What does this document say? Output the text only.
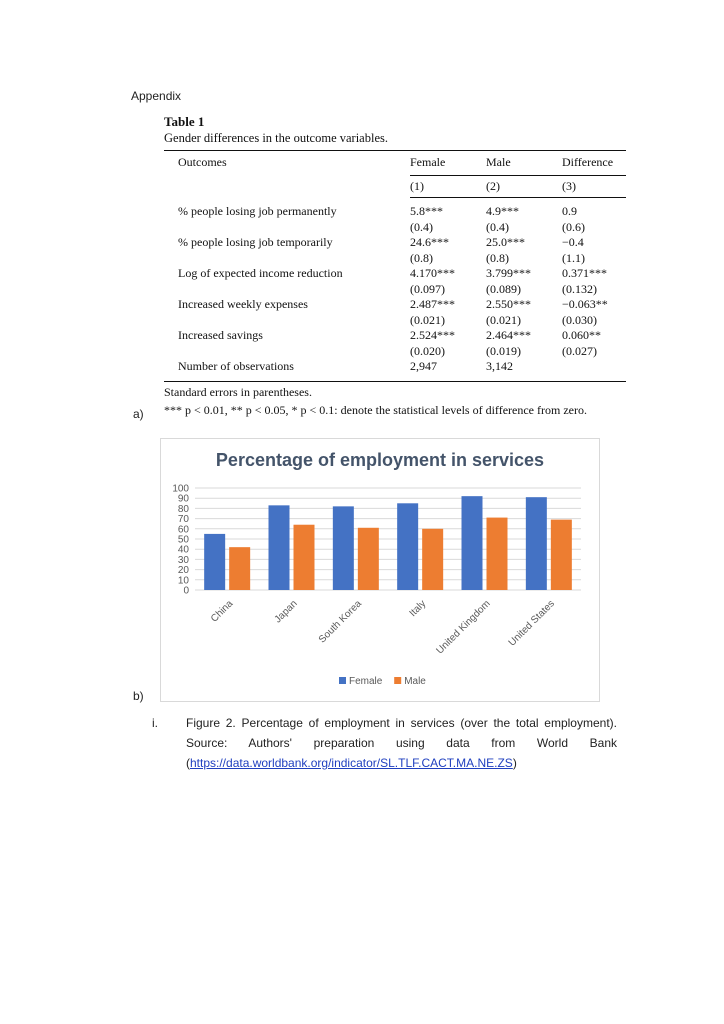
Appendix
Table 1
Gender differences in the outcome variables.
Outcomes	Female	Male	Difference
	(1)	(2)	(3)
% people losing job permanently	5.8***	4.9***	0.9
	(0.4)	(0.4)	(0.6)
% people losing job temporarily	24.6***	25.0***	−0.4
	(0.8)	(0.8)	(1.1)
Log of expected income reduction	4.170***	3.799***	0.371***
	(0.097)	(0.089)	(0.132)
Increased weekly expenses	2.487***	2.550***	−0.063**
	(0.021)	(0.021)	(0.030)
Increased savings	2.524***	2.464***	0.060**
	(0.020)	(0.019)	(0.027)
Number of observations	2,947	3,142	
Standard errors in parentheses.
a) *** p < 0.01, ** p < 0.05, * p < 0.1: denote the statistical levels of difference from zero.
Percentage of employment in services
0
10
20
30
40
50
60
70
80
90
100
China	Japan South Korea	Italy United Kingdom United States
Female Male
b)
i. Figure 2. Percentage of employment in services (over the total employment).
Source: Authors' preparation using data from World Bank
(https://data.worldbank.org/indicator/SL.TLF.CACT.MA.NE.ZS)
